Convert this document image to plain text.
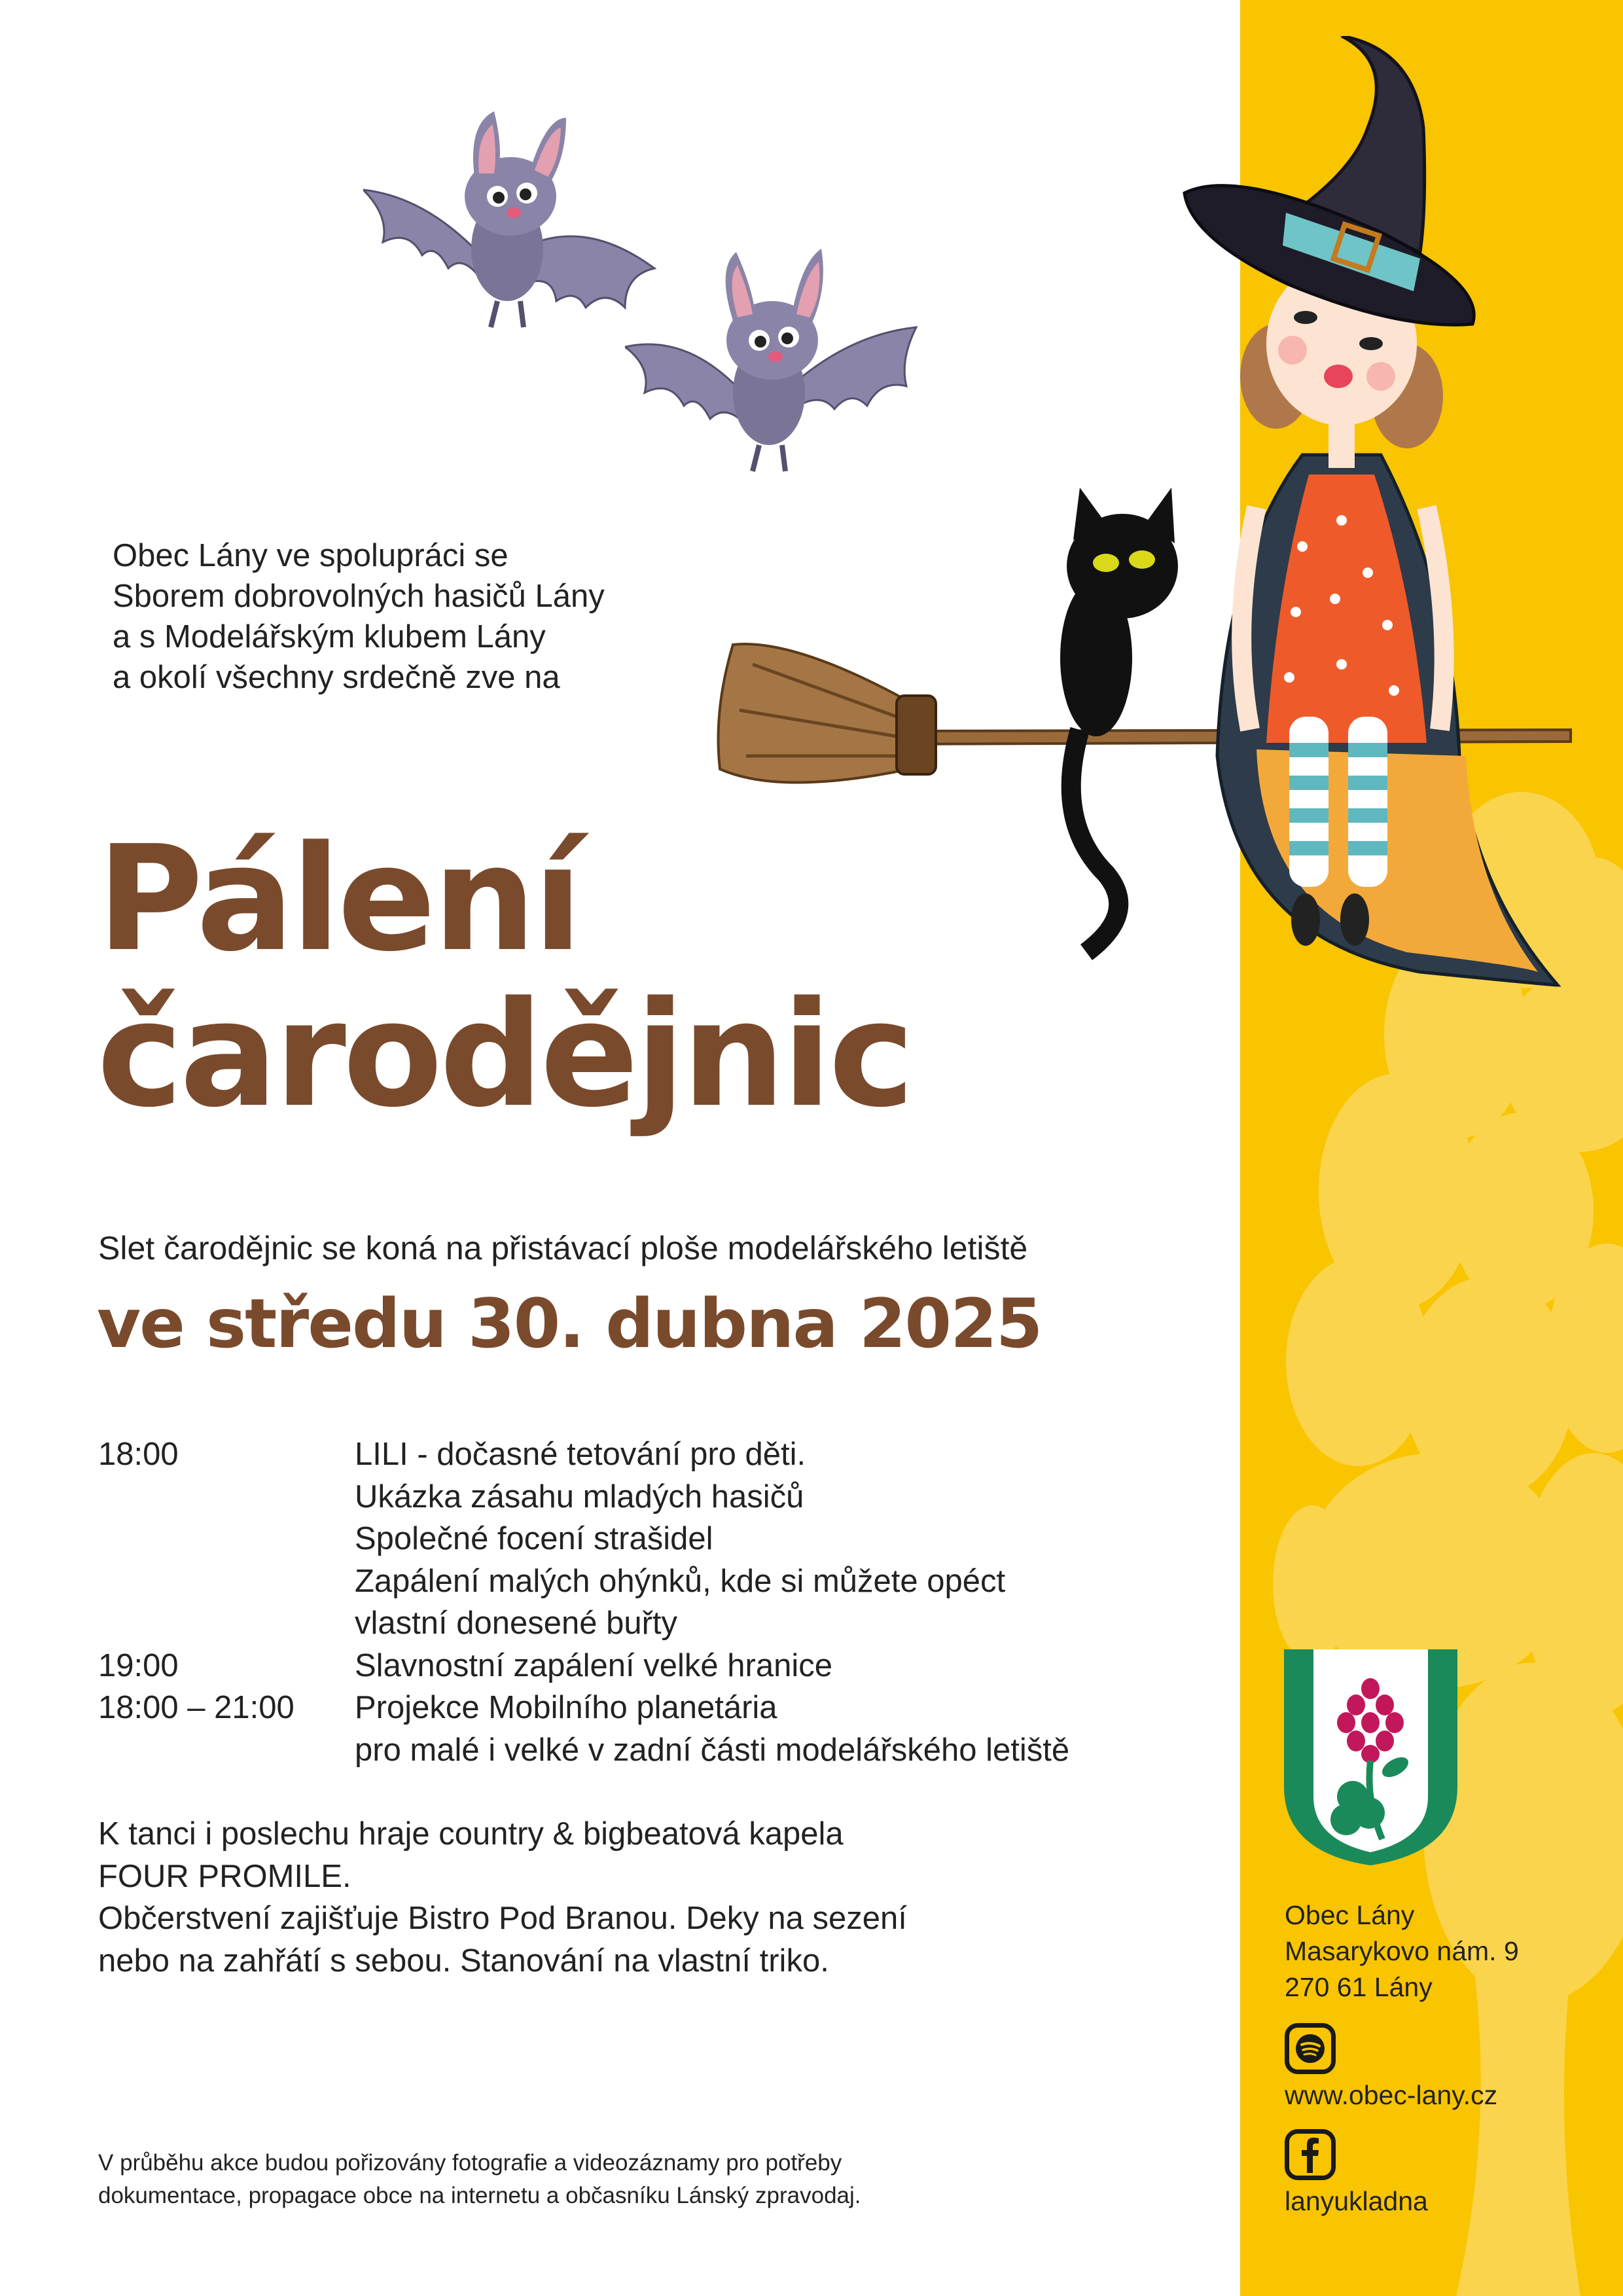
Obec Lány ve spolupráci se
Sborem dobrovolných hasičů Lány
a s Modelářským klubem Lány
a okolí všechny srdečně zve na
Pálení
čarodějnic
Slet čarodějnic se koná na přistávací ploše modelářského letiště
ve středu 30. dubna 2025
18:00	LILI - dočasné tetování pro děti.
Ukázka zásahu mladých hasičů
Společné focení strašidel
Zapálení malých ohýnků, kde si můžete opéct
vlastní donesené buřty
19:00	Slavnostní zapálení velké hranice
18:00 – 21:00	Projekce Mobilního planetária
pro malé i velké v zadní části modelářského letiště
K tanci i poslechu hraje country & bigbeatová kapela
FOUR PROMILE.
Občerstvení zajišťuje Bistro Pod Branou. Deky na sezení
nebo na zahřátí s sebou. Stanování na vlastní triko.
V průběhu akce budou pořizovány fotografie a videozáznamy pro potřeby
dokumentace, propagace obce na internetu a občasníku Lánský zpravodaj.
Obec Lány
Masarykovo nám. 9
270 61 Lány
www.obec-lany.cz
lanyukladna
